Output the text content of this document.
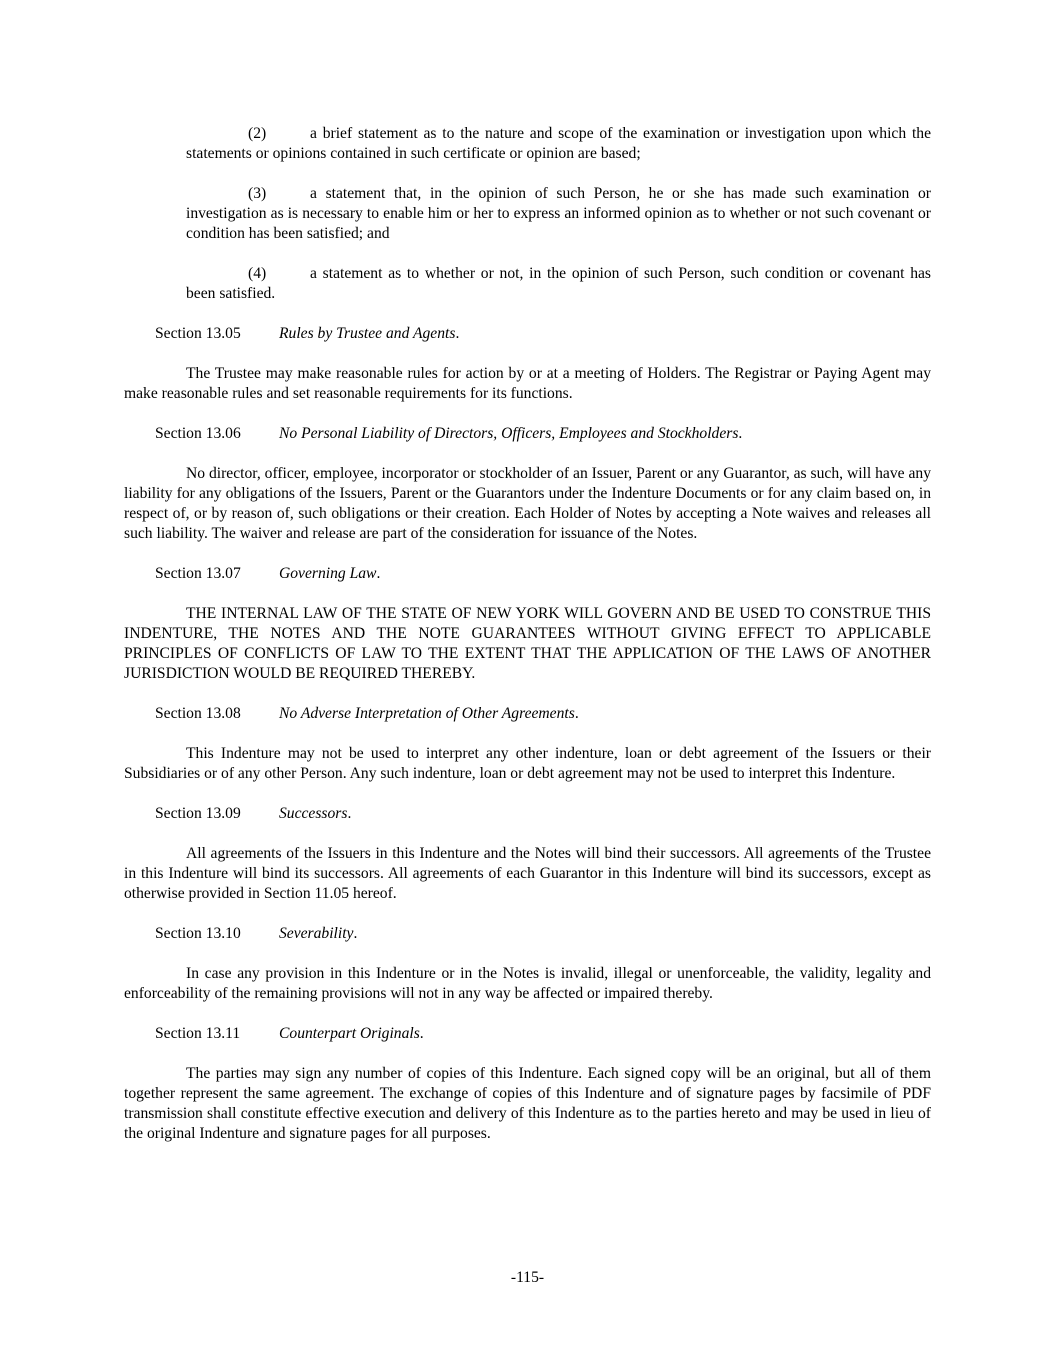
(2)	a brief statement as to the nature and scope of the examination or investigation upon which the statements or opinions contained in such certificate or opinion are based;

(3)	a statement that, in the opinion of such Person, he or she has made such examination or investigation as is necessary to enable him or her to express an informed opinion as to whether or not such covenant or condition has been satisfied; and

(4)	a statement as to whether or not, in the opinion of such Person, such condition or covenant has been satisfied.

Section 13.05 Rules by Trustee and Agents.

The Trustee may make reasonable rules for action by or at a meeting of Holders. The Registrar or Paying Agent may make reasonable rules and set reasonable requirements for its functions.

Section 13.06 No Personal Liability of Directors, Officers, Employees and Stockholders.

No director, officer, employee, incorporator or stockholder of an Issuer, Parent or any Guarantor, as such, will have any liability for any obligations of the Issuers, Parent or the Guarantors under the Indenture Documents or for any claim based on, in respect of, or by reason of, such obligations or their creation. Each Holder of Notes by accepting a Note waives and releases all such liability. The waiver and release are part of the consideration for issuance of the Notes.

Section 13.07 Governing Law.

THE INTERNAL LAW OF THE STATE OF NEW YORK WILL GOVERN AND BE USED TO CONSTRUE THIS INDENTURE, THE NOTES AND THE NOTE GUARANTEES WITHOUT GIVING EFFECT TO APPLICABLE PRINCIPLES OF CONFLICTS OF LAW TO THE EXTENT THAT THE APPLICATION OF THE LAWS OF ANOTHER JURISDICTION WOULD BE REQUIRED THEREBY.

Section 13.08 No Adverse Interpretation of Other Agreements.

This Indenture may not be used to interpret any other indenture, loan or debt agreement of the Issuers or their Subsidiaries or of any other Person. Any such indenture, loan or debt agreement may not be used to interpret this Indenture.

Section 13.09 Successors.

All agreements of the Issuers in this Indenture and the Notes will bind their successors. All agreements of the Trustee in this Indenture will bind its successors. All agreements of each Guarantor in this Indenture will bind its successors, except as otherwise provided in Section 11.05 hereof.

Section 13.10 Severability.

In case any provision in this Indenture or in the Notes is invalid, illegal or unenforceable, the validity, legality and enforceability of the remaining provisions will not in any way be affected or impaired thereby.

Section 13.11 Counterpart Originals.

The parties may sign any number of copies of this Indenture. Each signed copy will be an original, but all of them together represent the same agreement. The exchange of copies of this Indenture and of signature pages by facsimile of PDF transmission shall constitute effective execution and delivery of this Indenture as to the parties hereto and may be used in lieu of the original Indenture and signature pages for all purposes.

-115-
